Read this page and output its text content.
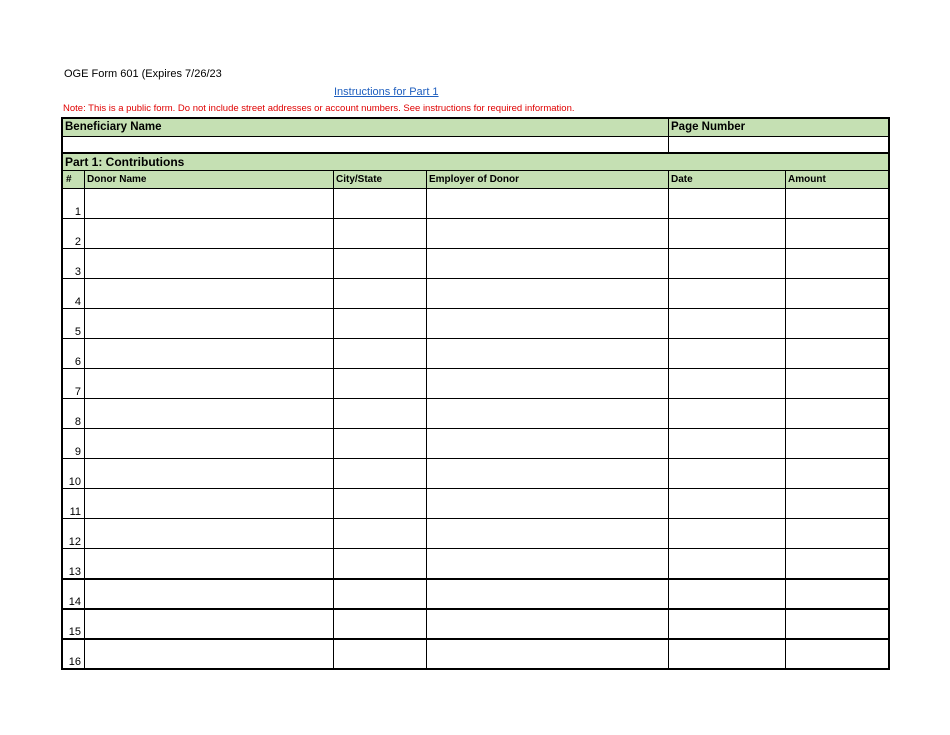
OGE Form 601 (Expires 7/26/23
Instructions for Part 1
Note: This is a public form. Do not include street addresses or account numbers. See instructions for required information.
Beneficiary Name	Page Number
Part 1: Contributions
#	Donor Name	City/State	Employer of Donor	Date	Amount
1
2
3
4
5
6
7
8
9
10
11
12
13
14
15
16
